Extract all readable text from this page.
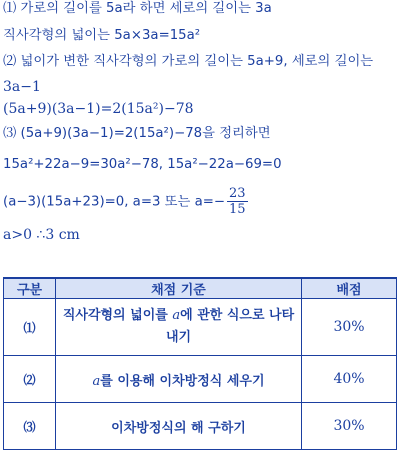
⑴ 가로의 길이를 5a라 하면 세로의 길이는 3a
직사각형의 넓이는 5a×3a=15a²
⑵ 넓이가 변한 직사각형의 가로의 길이는 5a+9, 세로의 길이는
3a−1
(5a+9)(3a−1)=2(15a²)−78
⑶ (5a+9)(3a−1)=2(15a²)−78을 정리하면
15a²+22a−9=30a²−78, 15a²−22a−69=0
(a−3)(15a+23)=0, a=3 또는 $a=- \frac{23}{15}$
a>0 ∴3 cm
구분	채점 기준	배점
⑴	직사각형의 넓이를 a에 관한 식으로 나타내기	30%
⑵	a를 이용해 이차방정식 세우기	40%
⑶	이차방정식의 해 구하기	30%
